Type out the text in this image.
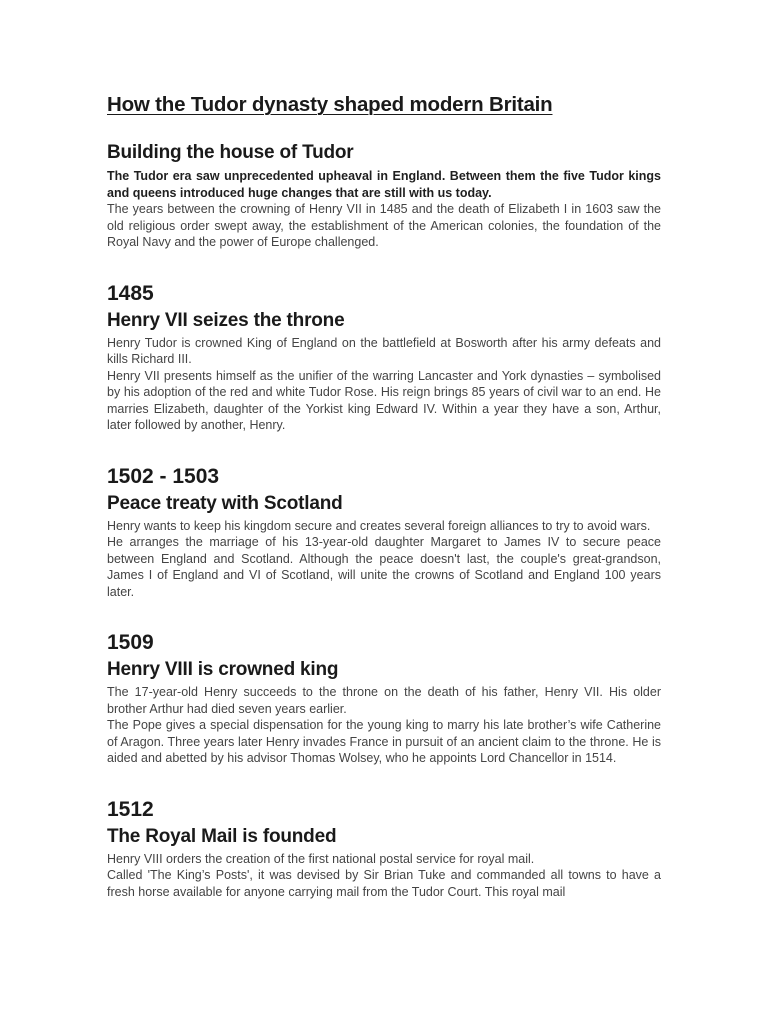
How the Tudor dynasty shaped modern Britain
Building the house of Tudor

The Tudor era saw unprecedented upheaval in England. Between them the five Tudor kings and queens introduced huge changes that are still with us today.

The years between the crowning of Henry VII in 1485 and the death of Elizabeth I in 1603 saw the old religious order swept away, the establishment of the American colonies, the foundation of the Royal Navy and the power of Europe challenged.

1485
Henry VII seizes the throne

Henry Tudor is crowned King of England on the battlefield at Bosworth after his army defeats and kills Richard III.

Henry VII presents himself as the unifier of the warring Lancaster and York dynasties – symbolised by his adoption of the red and white Tudor Rose. His reign brings 85 years of civil war to an end. He marries Elizabeth, daughter of the Yorkist king Edward IV. Within a year they have a son, Arthur, later followed by another, Henry.

1502 - 1503
Peace treaty with Scotland

Henry wants to keep his kingdom secure and creates several foreign alliances to try to avoid wars.

He arranges the marriage of his 13-year-old daughter Margaret to James IV to secure peace between England and Scotland. Although the peace doesn't last, the couple's great-grandson, James I of England and VI of Scotland, will unite the crowns of Scotland and England 100 years later.

1509
Henry VIII is crowned king

The 17-year-old Henry succeeds to the throne on the death of his father, Henry VII. His older brother Arthur had died seven years earlier.

The Pope gives a special dispensation for the young king to marry his late brother’s wife Catherine of Aragon. Three years later Henry invades France in pursuit of an ancient claim to the throne. He is aided and abetted by his advisor Thomas Wolsey, who he appoints Lord Chancellor in 1514.

1512
The Royal Mail is founded

Henry VIII orders the creation of the first national postal service for royal mail.

Called 'The King’s Posts', it was devised by Sir Brian Tuke and commanded all towns to have a fresh horse available for anyone carrying mail from the Tudor Court. This royal mail
